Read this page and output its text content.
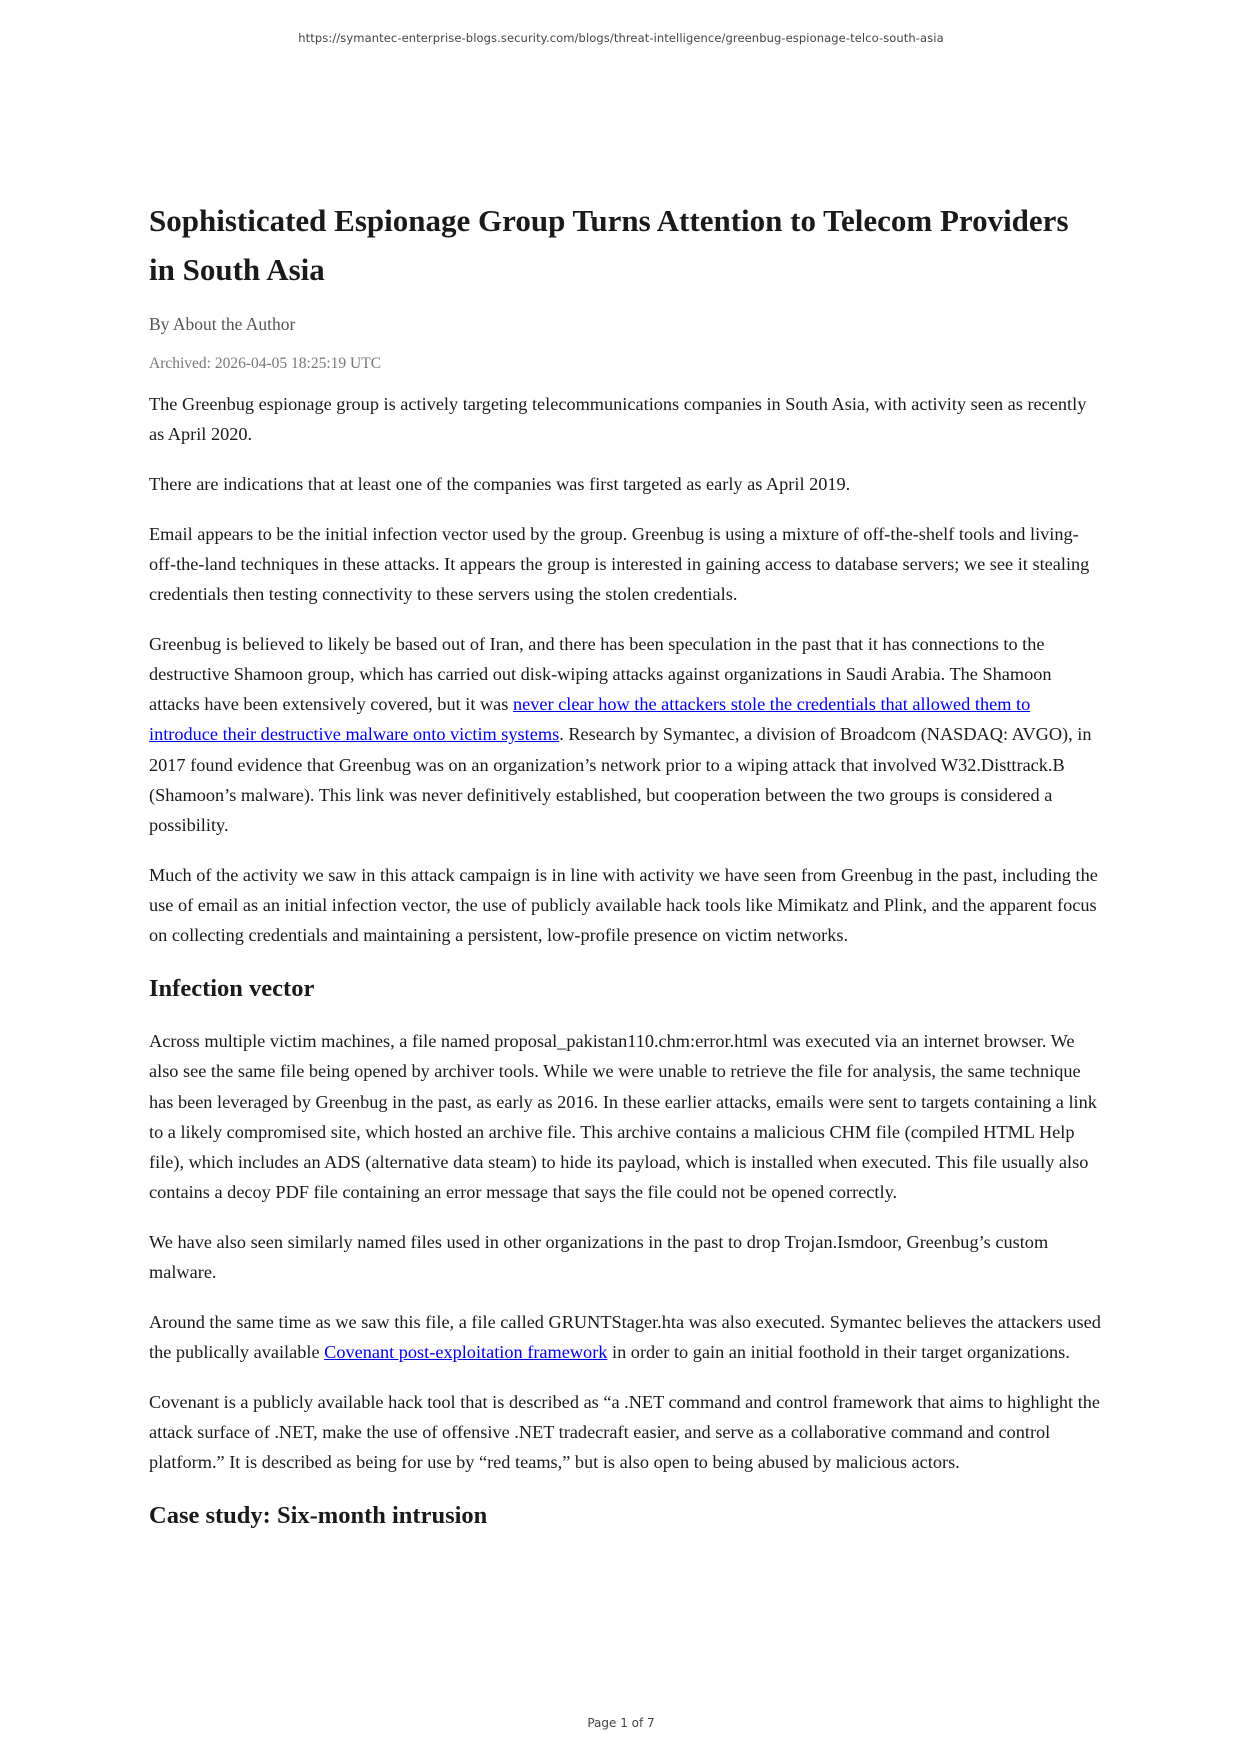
https://symantec-enterprise-blogs.security.com/blogs/threat-intelligence/greenbug-espionage-telco-south-asia
Sophisticated Espionage Group Turns Attention to Telecom Providers in South Asia
By About the Author
Archived: 2026-04-05 18:25:19 UTC

The Greenbug espionage group is actively targeting telecommunications companies in South Asia, with activity seen as recently as April 2020.

There are indications that at least one of the companies was first targeted as early as April 2019.

Email appears to be the initial infection vector used by the group. Greenbug is using a mixture of off-the-shelf tools and living-off-the-land techniques in these attacks. It appears the group is interested in gaining access to database servers; we see it stealing credentials then testing connectivity to these servers using the stolen credentials.

Greenbug is believed to likely be based out of Iran, and there has been speculation in the past that it has connections to the destructive Shamoon group, which has carried out disk-wiping attacks against organizations in Saudi Arabia. The Shamoon attacks have been extensively covered, but it was never clear how the attackers stole the credentials that allowed them to introduce their destructive malware onto victim systems. Research by Symantec, a division of Broadcom (NASDAQ: AVGO), in 2017 found evidence that Greenbug was on an organization’s network prior to a wiping attack that involved W32.Disttrack.B (Shamoon’s malware). This link was never definitively established, but cooperation between the two groups is considered a possibility.

Much of the activity we saw in this attack campaign is in line with activity we have seen from Greenbug in the past, including the use of email as an initial infection vector, the use of publicly available hack tools like Mimikatz and Plink, and the apparent focus on collecting credentials and maintaining a persistent, low-profile presence on victim networks.

Infection vector

Across multiple victim machines, a file named proposal_pakistan110.chm:error.html was executed via an internet browser. We also see the same file being opened by archiver tools. While we were unable to retrieve the file for analysis, the same technique has been leveraged by Greenbug in the past, as early as 2016. In these earlier attacks, emails were sent to targets containing a link to a likely compromised site, which hosted an archive file. This archive contains a malicious CHM file (compiled HTML Help file), which includes an ADS (alternative data steam) to hide its payload, which is installed when executed. This file usually also contains a decoy PDF file containing an error message that says the file could not be opened correctly.

We have also seen similarly named files used in other organizations in the past to drop Trojan.Ismdoor, Greenbug’s custom malware.

Around the same time as we saw this file, a file called GRUNTStager.hta was also executed. Symantec believes the attackers used the publically available Covenant post-exploitation framework in order to gain an initial foothold in their target organizations.

Covenant is a publicly available hack tool that is described as “a .NET command and control framework that aims to highlight the attack surface of .NET, make the use of offensive .NET tradecraft easier, and serve as a collaborative command and control platform.” It is described as being for use by “red teams,” but is also open to being abused by malicious actors.

Case study: Six-month intrusion
Page 1 of 7
